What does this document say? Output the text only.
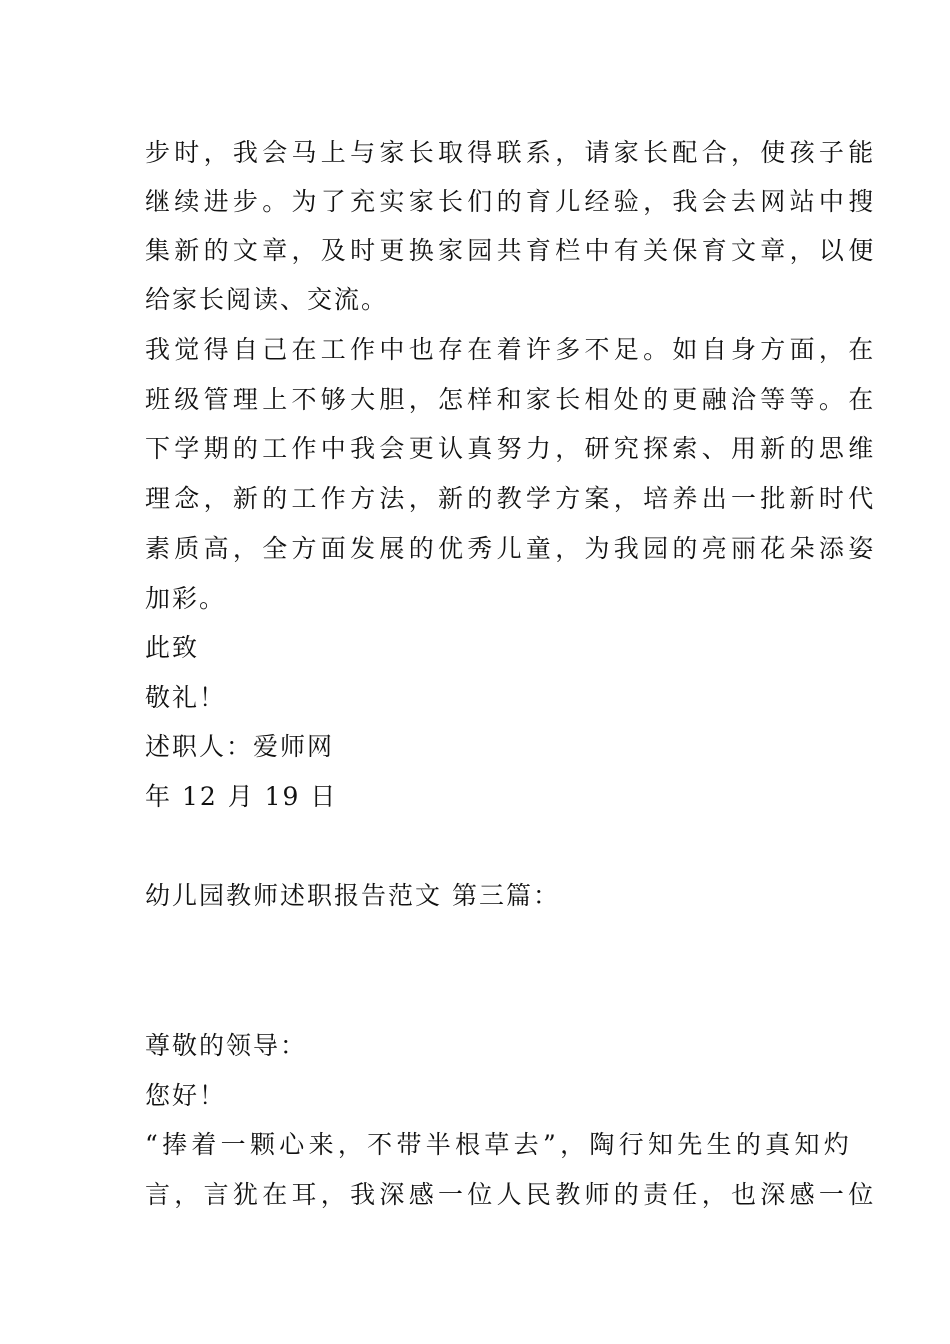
步时，我会马上与家长取得联系，请家长配合，使孩子能
继续进步。为了充实家长们的育儿经验，我会去网站中搜
集新的文章，及时更换家园共育栏中有关保育文章，以便
给家长阅读、交流。
我觉得自己在工作中也存在着许多不足。如自身方面，在
班级管理上不够大胆，怎样和家长相处的更融洽等等。在
下学期的工作中我会更认真努力，研究探索、用新的思维
理念，新的工作方法，新的教学方案，培养出一批新时代
素质高，全方面发展的优秀儿童，为我园的亮丽花朵添姿
加彩。
此致
敬礼！
述职人：爱师网
年 12 月 19 日
幼儿园教师述职报告范文 第三篇：
尊敬的领导：
您好！
“捧着一颗心来，不带半根草去”，陶行知先生的真知灼
言，言犹在耳，我深感一位人民教师的责任，也深感一位
